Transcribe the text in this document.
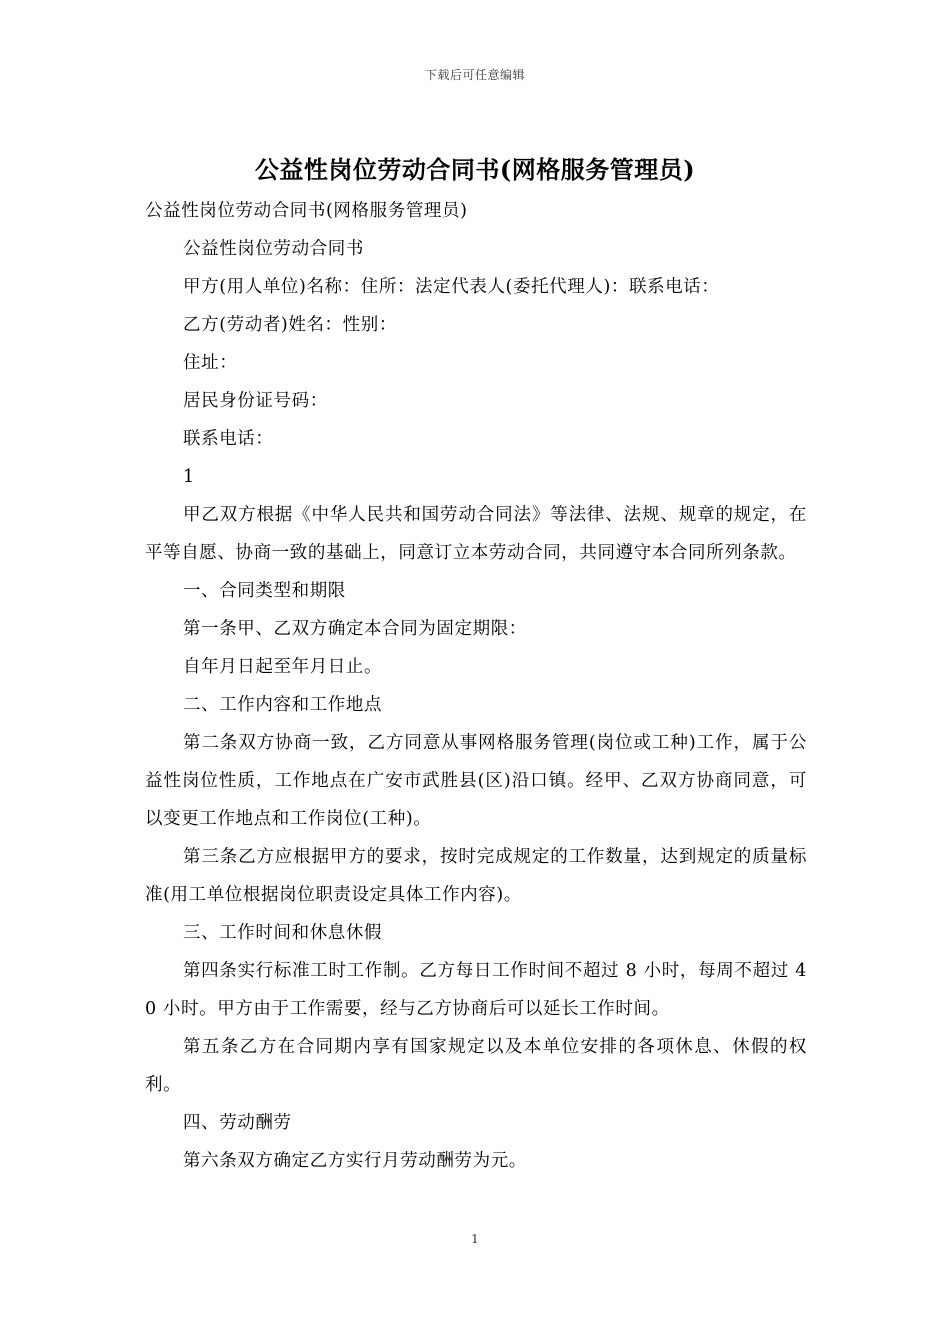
下载后可任意编辑
公益性岗位劳动合同书(网格服务管理员)

公益性岗位劳动合同书(网格服务管理员)

公益性岗位劳动合同书

甲方(用人单位)名称：住所：法定代表人(委托代理人)：联系电话：

乙方(劳动者)姓名：性别：

住址：

居民身份证号码：

联系电话：

1

甲乙双方根据《中华人民共和国劳动合同法》等法律、法规、规章的规定，在平等自愿、协商一致的基础上，同意订立本劳动合同，共同遵守本合同所列条款。

一、合同类型和期限

第一条甲、乙双方确定本合同为固定期限：

自年月日起至年月日止。

二、工作内容和工作地点

第二条双方协商一致，乙方同意从事网格服务管理(岗位或工种)工作，属于公益性岗位性质，工作地点在广安市武胜县(区)沿口镇。经甲、乙双方协商同意，可以变更工作地点和工作岗位(工种)。

第三条乙方应根据甲方的要求，按时完成规定的工作数量，达到规定的质量标准(用工单位根据岗位职责设定具体工作内容)。

三、工作时间和休息休假

第四条实行标准工时工作制。乙方每日工作时间不超过 8 小时，每周不超过 40 小时。甲方由于工作需要，经与乙方协商后可以延长工作时间。

第五条乙方在合同期内享有国家规定以及本单位安排的各项休息、休假的权利。

四、劳动酬劳

第六条双方确定乙方实行月劳动酬劳为元。

1
